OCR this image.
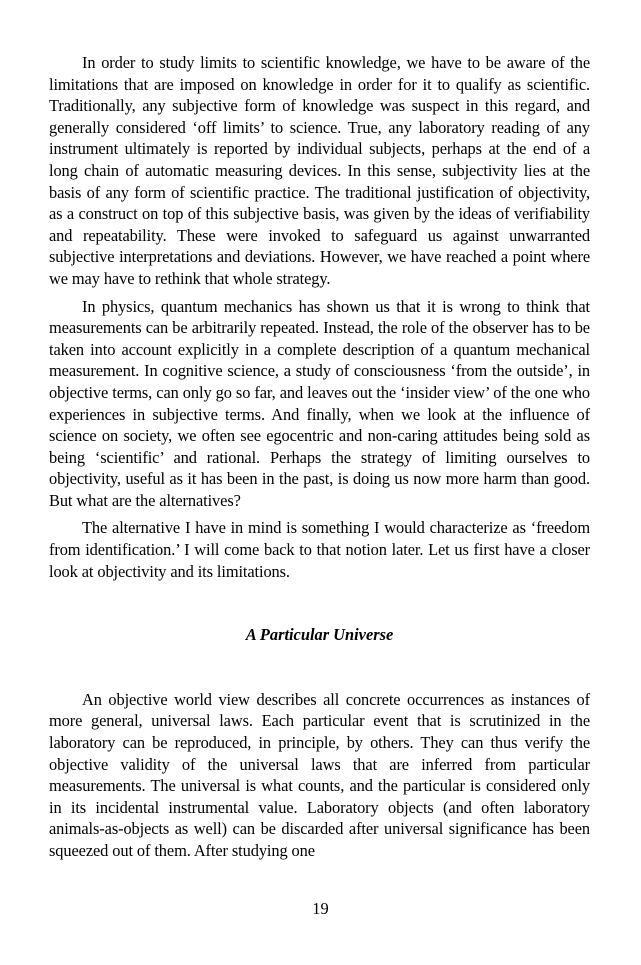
In order to study limits to scientific knowledge, we have to be aware of the limitations that are imposed on knowledge in order for it to qualify as scientific. Traditionally, any subjective form of knowledge was suspect in this regard, and generally considered ‘off limits’ to science. True, any laboratory reading of any instrument ultimately is reported by individual subjects, perhaps at the end of a long chain of automatic measuring devices. In this sense, subjectivity lies at the basis of any form of scientific practice. The traditional justification of objectivity, as a construct on top of this subjective basis, was given by the ideas of verifiability and repeatability. These were invoked to safeguard us against unwarranted subjective interpretations and deviations. However, we have reached a point where we may have to rethink that whole strategy.

In physics, quantum mechanics has shown us that it is wrong to think that measurements can be arbitrarily repeated. Instead, the role of the observer has to be taken into account explicitly in a complete description of a quantum mechanical measurement. In cognitive science, a study of consciousness ‘from the outside’, in objective terms, can only go so far, and leaves out the ‘insider view’ of the one who experiences in subjective terms. And finally, when we look at the influence of science on society, we often see egocentric and non-caring attitudes being sold as being ‘scientific’ and rational. Perhaps the strategy of limiting ourselves to objectivity, useful as it has been in the past, is doing us now more harm than good. But what are the alternatives?

The alternative I have in mind is something I would characterize as ‘freedom from identification.’ I will come back to that notion later. Let us first have a closer look at objectivity and its limitations.

A Particular Universe

An objective world view describes all concrete occurrences as instances of more general, universal laws. Each particular event that is scrutinized in the laboratory can be reproduced, in principle, by others. They can thus verify the objective validity of the universal laws that are inferred from particular measurements. The universal is what counts, and the particular is considered only in its incidental instrumental value. Laboratory objects (and often laboratory animals-as-objects as well) can be discarded after universal significance has been squeezed out of them. After studying one

19
